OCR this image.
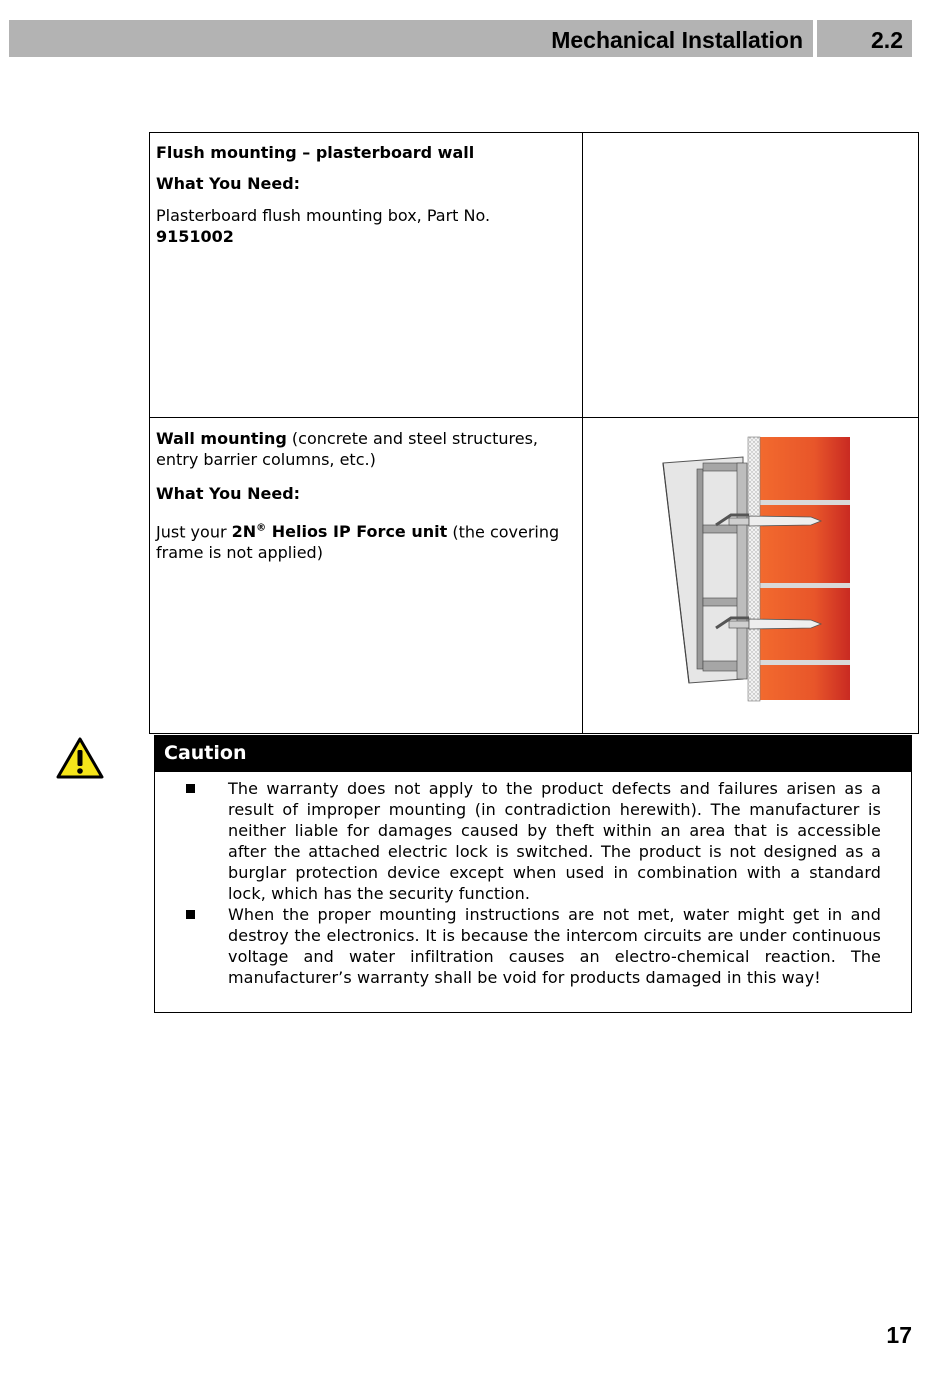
Mechanical Installation	2.2

Flush mounting – plasterboard wall

What You Need:

Plasterboard flush mounting box, Part No.
9151002	

Wall mounting (concrete and steel structures, entry barrier columns, etc.)

What You Need:

Just your 2N® Helios IP Force unit (the covering frame is not applied)

Caution
The warranty does not apply to the product defects and failures arisen as a result of improper mounting (in contradiction herewith). The manufacturer is neither liable for damages caused by theft within an area that is accessible after the attached electric lock is switched. The product is not designed as a burglar protection device except when used in combination with a standard lock, which has the security function.
When the proper mounting instructions are not met, water might get in and destroy the electronics. It is because the intercom circuits are under continuous voltage and water infiltration causes an electro-chemical reaction. The manufacturer’s warranty shall be void for products damaged in this way!
17
